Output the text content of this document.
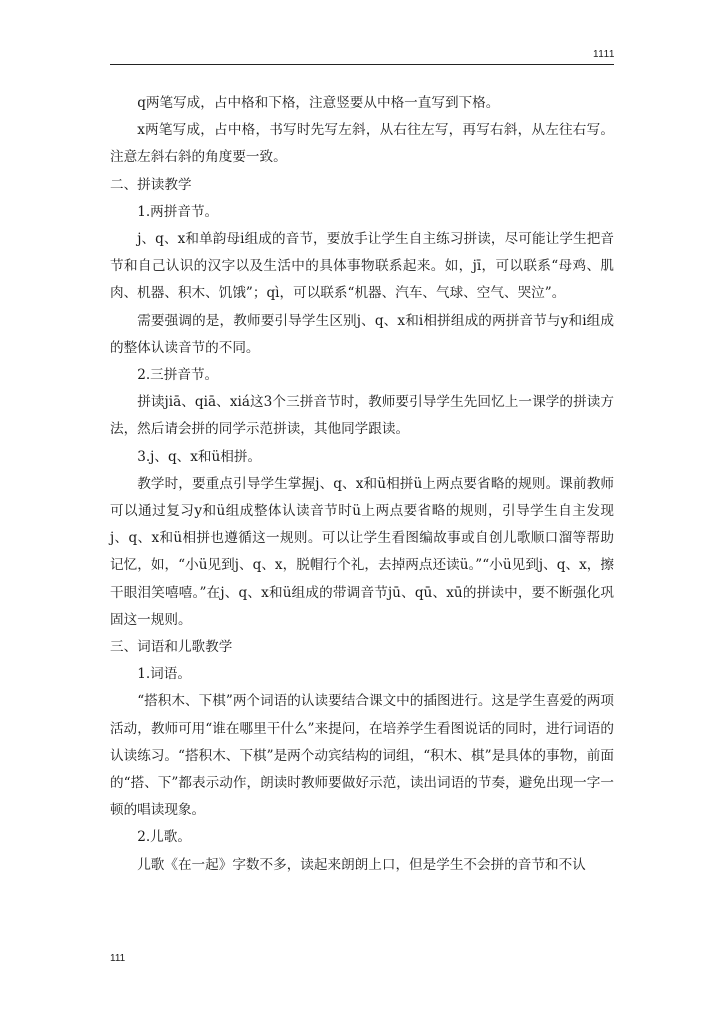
1111

q两笔写成，占中格和下格，注意竖要从中格一直写到下格。

x两笔写成，占中格，书写时先写左斜，从右往左写，再写右斜，从左往右写。注意左斜右斜的角度要一致。

二、拼读教学

1.两拼音节。

j、q、x和单韵母i组成的音节，要放手让学生自主练习拼读，尽可能让学生把音节和自己认识的汉字以及生活中的具体事物联系起来。如，jī，可以联系“母鸡、肌肉、机器、积木、饥饿”；qì，可以联系“机器、汽车、气球、空气、哭泣”。

需要强调的是，教师要引导学生区别j、q、x和i相拼组成的两拼音节与y和i组成的整体认读音节的不同。

2.三拼音节。

拼读jiā、qiā、xiá这3个三拼音节时，教师要引导学生先回忆上一课学的拼读方法，然后请会拼的同学示范拼读，其他同学跟读。

3.j、q、x和ü相拼。

教学时，要重点引导学生掌握j、q、x和ü相拼ü上两点要省略的规则。课前教师可以通过复习y和ü组成整体认读音节时ü上两点要省略的规则，引导学生自主发现j、q、x和ü相拼也遵循这一规则。可以让学生看图编故事或自创儿歌顺口溜等帮助记忆，如，“小ü见到j、q、x，脱帽行个礼，去掉两点还读ü。”“小ü见到j、q、x，擦干眼泪笑嘻嘻。”在j、q、x和ü组成的带调音节jū、qū、xū的拼读中，要不断强化巩固这一规则。

三、词语和儿歌教学

1.词语。

“搭积木、下棋”两个词语的认读要结合课文中的插图进行。这是学生喜爱的两项活动，教师可用“谁在哪里干什么”来提问，在培养学生看图说话的同时，进行词语的认读练习。“搭积木、下棋”是两个动宾结构的词组，“积木、棋”是具体的事物，前面的“搭、下”都表示动作，朗读时教师要做好示范，读出词语的节奏，避免出现一字一顿的唱读现象。

2.儿歌。

儿歌《在一起》字数不多，读起来朗朗上口，但是学生不会拼的音节和不认

111
